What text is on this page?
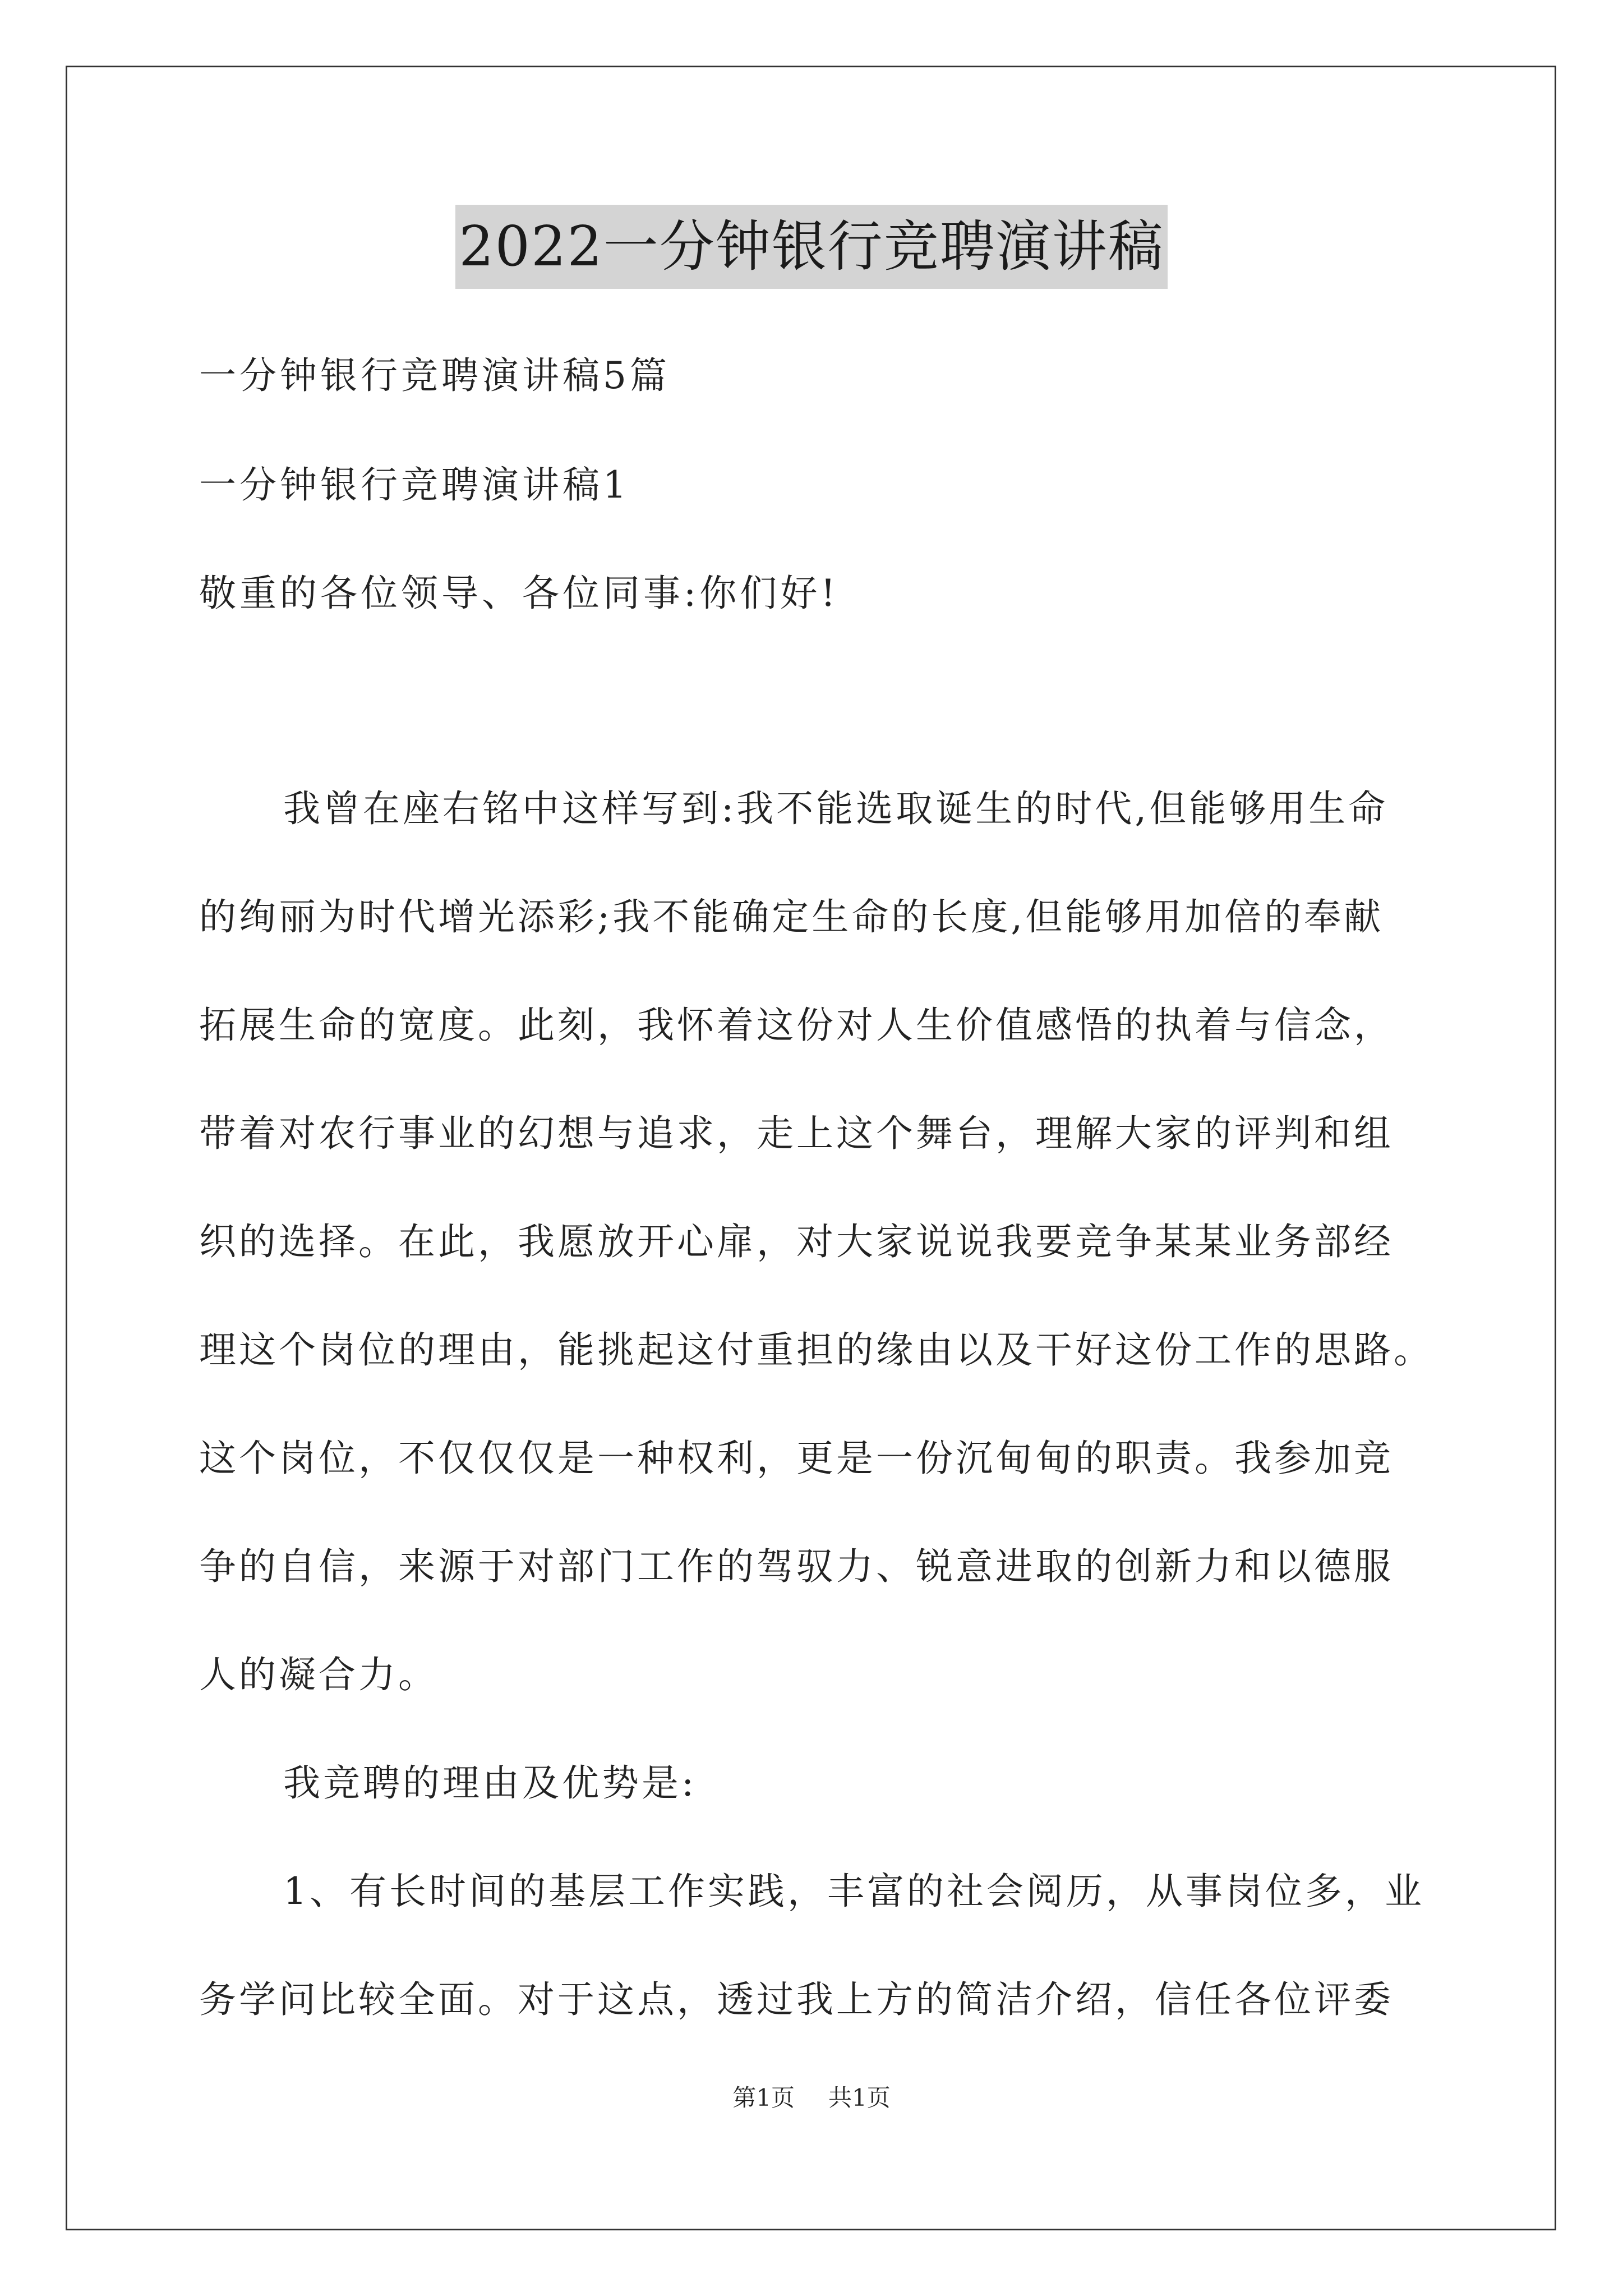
2022一分钟银行竞聘演讲稿
一分钟银行竞聘演讲稿5篇
一分钟银行竞聘演讲稿1
敬重的各位领导、各位同事:你们好!
我曾在座右铭中这样写到:我不能选取诞生的时代,但能够用生命
的绚丽为时代增光添彩;我不能确定生命的长度,但能够用加倍的奉献
拓展生命的宽度。此刻，我怀着这份对人生价值感悟的执着与信念，
带着对农行事业的幻想与追求，走上这个舞台，理解大家的评判和组
织的选择。在此，我愿放开心扉，对大家说说我要竞争某某业务部经
理这个岗位的理由，能挑起这付重担的缘由以及干好这份工作的思路。
这个岗位，不仅仅仅是一种权利，更是一份沉甸甸的职责。我参加竞
争的自信，来源于对部门工作的驾驭力、锐意进取的创新力和以德服
人的凝合力。
我竞聘的理由及优势是:
1、有长时间的基层工作实践，丰富的社会阅历，从事岗位多，业
务学问比较全面。对于这点，透过我上方的简洁介绍，信任各位评委
第1页 共1页
